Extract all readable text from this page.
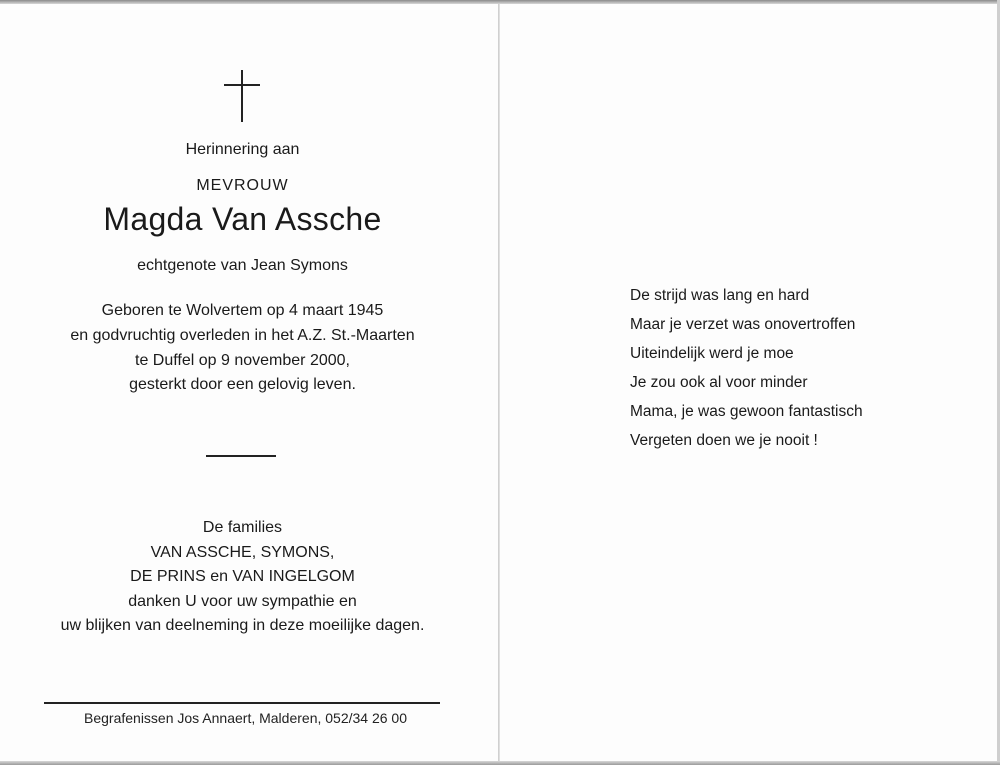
Herinnering aan
MEVROUW
Magda Van Assche
echtgenote van Jean Symons
Geboren te Wolvertem op 4 maart 1945
en godvruchtig overleden in het A.Z. St.-Maarten
te Duffel op 9 november 2000,
gesterkt door een gelovig leven.
De families
VAN ASSCHE, SYMONS,
DE PRINS en VAN INGELGOM
danken U voor uw sympathie en
uw blijken van deelneming in deze moeilijke dagen.
Begrafenissen Jos Annaert, Malderen, 052/34 26 00
De strijd was lang en hard
Maar je verzet was onovertroffen
Uiteindelijk werd je moe
Je zou ook al voor minder
Mama, je was gewoon fantastisch
Vergeten doen we je nooit !
